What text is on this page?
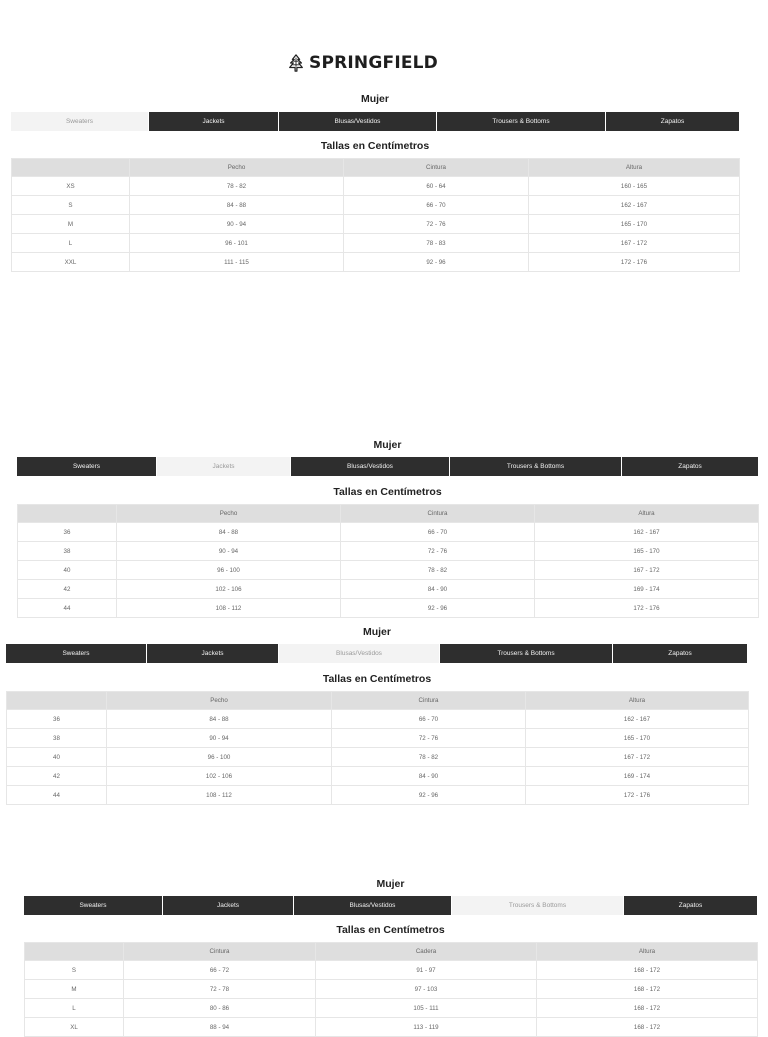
SPRINGFIELD
Mujer
Sweaters	Jackets	Blusas/Vestidos	Trousers & Bottoms	Zapatos
Tallas en Centímetros
	Pecho	Cintura	Altura
XS	78 - 82	60 - 64	160 - 165
S	84 - 88	66 - 70	162 - 167
M	90 - 94	72 - 76	165 - 170
L	96 - 101	78 - 83	167 - 172
XXL	111 - 115	92 - 96	172 - 176
Mujer
Sweaters	Jackets	Blusas/Vestidos	Trousers & Bottoms	Zapatos
Tallas en Centímetros
	Pecho	Cintura	Altura
36	84 - 88	66 - 70	162 - 167
38	90 - 94	72 - 76	165 - 170
40	96 - 100	78 - 82	167 - 172
42	102 - 106	84 - 90	169 - 174
44	108 - 112	92 - 96	172 - 176
Mujer
Sweaters	Jackets	Blusas/Vestidos	Trousers & Bottoms	Zapatos
Tallas en Centímetros
	Pecho	Cintura	Altura
36	84 - 88	66 - 70	162 - 167
38	90 - 94	72 - 76	165 - 170
40	96 - 100	78 - 82	167 - 172
42	102 - 106	84 - 90	169 - 174
44	108 - 112	92 - 96	172 - 176
Mujer
Sweaters	Jackets	Blusas/Vestidos	Trousers & Bottoms	Zapatos
Tallas en Centímetros
	Cintura	Cadera	Altura
S	66 - 72	91 - 97	168 - 172
M	72 - 78	97 - 103	168 - 172
L	80 - 86	105 - 111	168 - 172
XL	88 - 94	113 - 119	168 - 172
